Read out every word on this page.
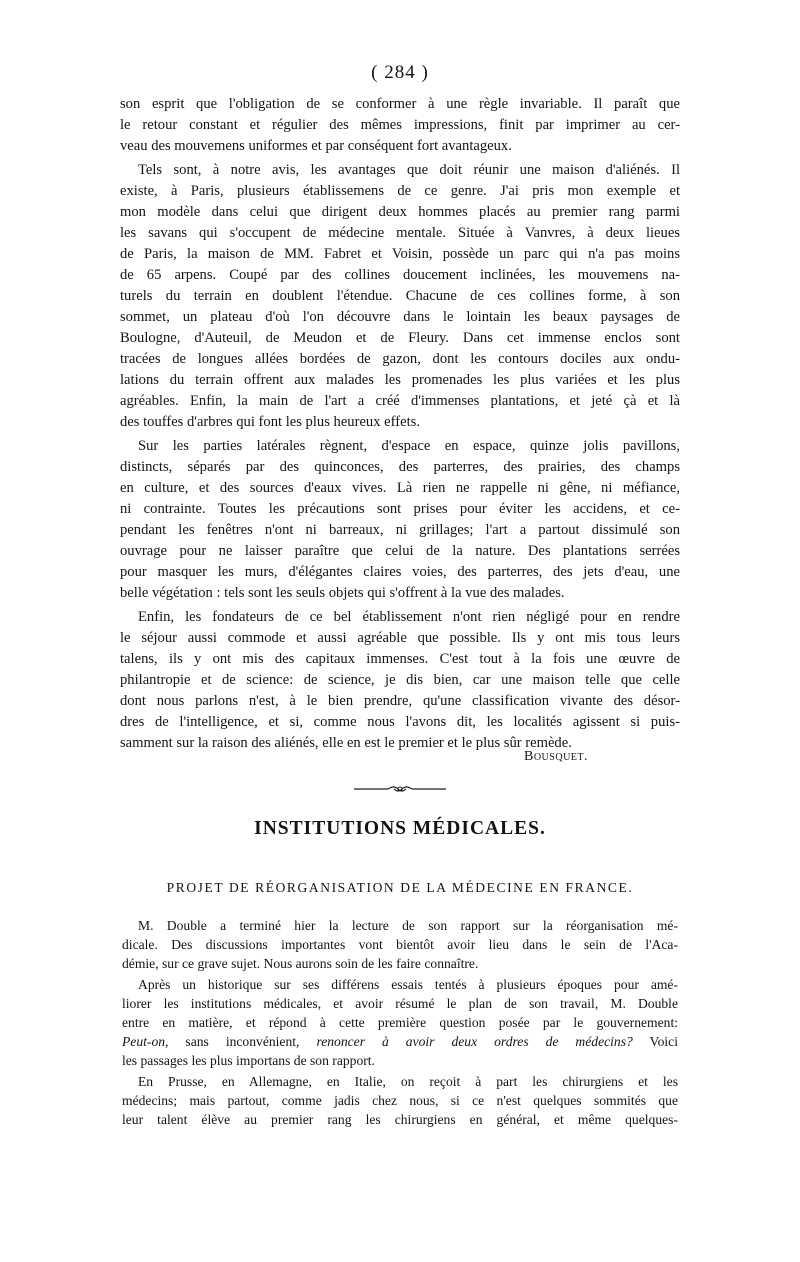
( 284 )
son esprit que l'obligation de se conformer à une règle invariable. Il paraît que
le retour constant et régulier des mêmes impressions, finit par imprimer au cer-
veau des mouvemens uniformes et par conséquent fort avantageux.
Tels sont, à notre avis, les avantages que doit réunir une maison d'aliénés. Il
existe, à Paris, plusieurs établissemens de ce genre. J'ai pris mon exemple et
mon modèle dans celui que dirigent deux hommes placés au premier rang parmi
les savans qui s'occupent de médecine mentale. Située à Vanvres, à deux lieues
de Paris, la maison de MM. Fabret et Voisin, possède un parc qui n'a pas moins
de 65 arpens. Coupé par des collines doucement inclinées, les mouvemens na-
turels du terrain en doublent l'étendue. Chacune de ces collines forme, à son
sommet, un plateau d'où l'on découvre dans le lointain les beaux paysages de
Boulogne, d'Auteuil, de Meudon et de Fleury. Dans cet immense enclos sont
tracées de longues allées bordées de gazon, dont les contours dociles aux ondu-
lations du terrain offrent aux malades les promenades les plus variées et les plus
agréables. Enfin, la main de l'art a créé d'immenses plantations, et jeté çà et là
des touffes d'arbres qui font les plus heureux effets.
Sur les parties latérales règnent, d'espace en espace, quinze jolis pavillons,
distincts, séparés par des quinconces, des parterres, des prairies, des champs
en culture, et des sources d'eaux vives. Là rien ne rappelle ni gêne, ni méfiance,
ni contrainte. Toutes les précautions sont prises pour éviter les accidens, et ce-
pendant les fenêtres n'ont ni barreaux, ni grillages; l'art a partout dissimulé son
ouvrage pour ne laisser paraître que celui de la nature. Des plantations serrées
pour masquer les murs, d'élégantes claires voies, des parterres, des jets d'eau, une
belle végétation : tels sont les seuls objets qui s'offrent à la vue des malades.
Enfin, les fondateurs de ce bel établissement n'ont rien négligé pour en rendre
le séjour aussi commode et aussi agréable que possible. Ils y ont mis tous leurs
talens, ils y ont mis des capitaux immenses. C'est tout à la fois une œuvre de
philantropie et de science: de science, je dis bien, car une maison telle que celle
dont nous parlons n'est, à le bien prendre, qu'une classification vivante des désor-
dres de l'intelligence, et si, comme nous l'avons dit, les localités agissent si puis-
samment sur la raison des aliénés, elle en est le premier et le plus sûr remède.
Bousquet.
INSTITUTIONS MÉDICALES.
PROJET DE RÉORGANISATION DE LA MÉDECINE EN FRANCE.
M. Double a terminé hier la lecture de son rapport sur la réorganisation mé-
dicale. Des discussions importantes vont bientôt avoir lieu dans le sein de l'Aca-
démie, sur ce grave sujet. Nous aurons soin de les faire connaître.
Après un historique sur ses différens essais tentés à plusieurs époques pour amé-
liorer les institutions médicales, et avoir résumé le plan de son travail, M. Double
entre en matière, et répond à cette première question posée par le gouvernement:
Peut-on, sans inconvénient, renoncer à avoir deux ordres de médecins? Voici
les passages les plus importans de son rapport.
En Prusse, en Allemagne, en Italie, on reçoit à part les chirurgiens et les
médecins; mais partout, comme jadis chez nous, si ce n'est quelques sommités que
leur talent élève au premier rang les chirurgiens en général, et même quelques-
